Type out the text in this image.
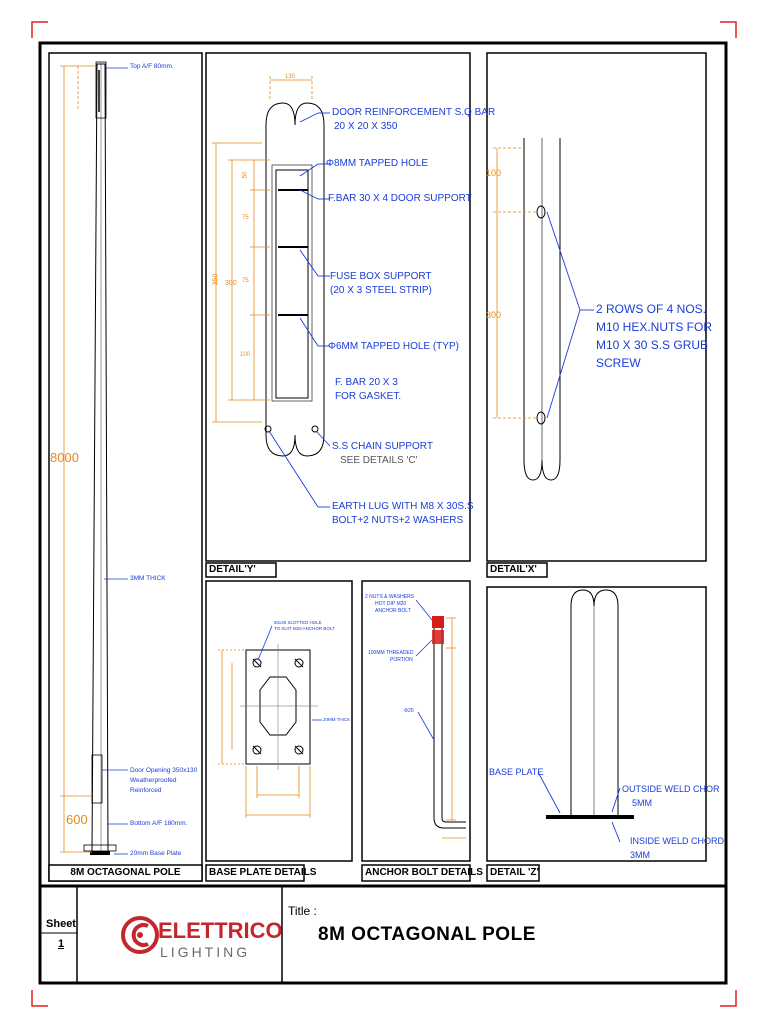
Top A/F 80mm.
3MM THICK
Door Opening 350x130
Weatherproofed
Reinforced
Bottom A/F 180mm.
20mm Base Plate
8000
600
DOOR REINFORCEMENT S.Q BAR
20 X 20 X 350
Φ8MM TAPPED HOLE
F.BAR 30 X 4 DOOR SUPPORT
FUSE BOX SUPPORT
(20 X 3 STEEL STRIP)
Φ6MM TAPPED HOLE (TYP)
F. BAR 20 X 3
FOR GASKET.
S.S CHAIN SUPPORT
SEE DETAILS 'C'
EARTH LUG WITH M8 X 30S.S
BOLT+2 NUTS+2 WASHERS
130
350 300
50
75
75
100
2 ROWS OF 4 NOS.
M10 HEX.NUTS FOR
M10 X 30 S.S GRUB
SCREW
100
300
50x45 SLOTTED HOLE
TO SUIT M20 ANCHOR BOLT
20MM THICK
2 NUTS & WASHERS
HOT DIP M20
ANCHOR BOLT
100MM THREADED
PORTION
Φ20
BASE PLATE
OUTSIDE WELD CHOR
5MM
INSIDE WELD CHORD
3MM
8M OCTAGONAL POLE
DETAIL'Y'	DETAIL'X'
BASE PLATE DETAILS	ANCHOR BOLT DETAILS DETAIL 'Z'
Sheet
1
ELETTRICO
LIGHTING
Title :
8M OCTAGONAL POLE
